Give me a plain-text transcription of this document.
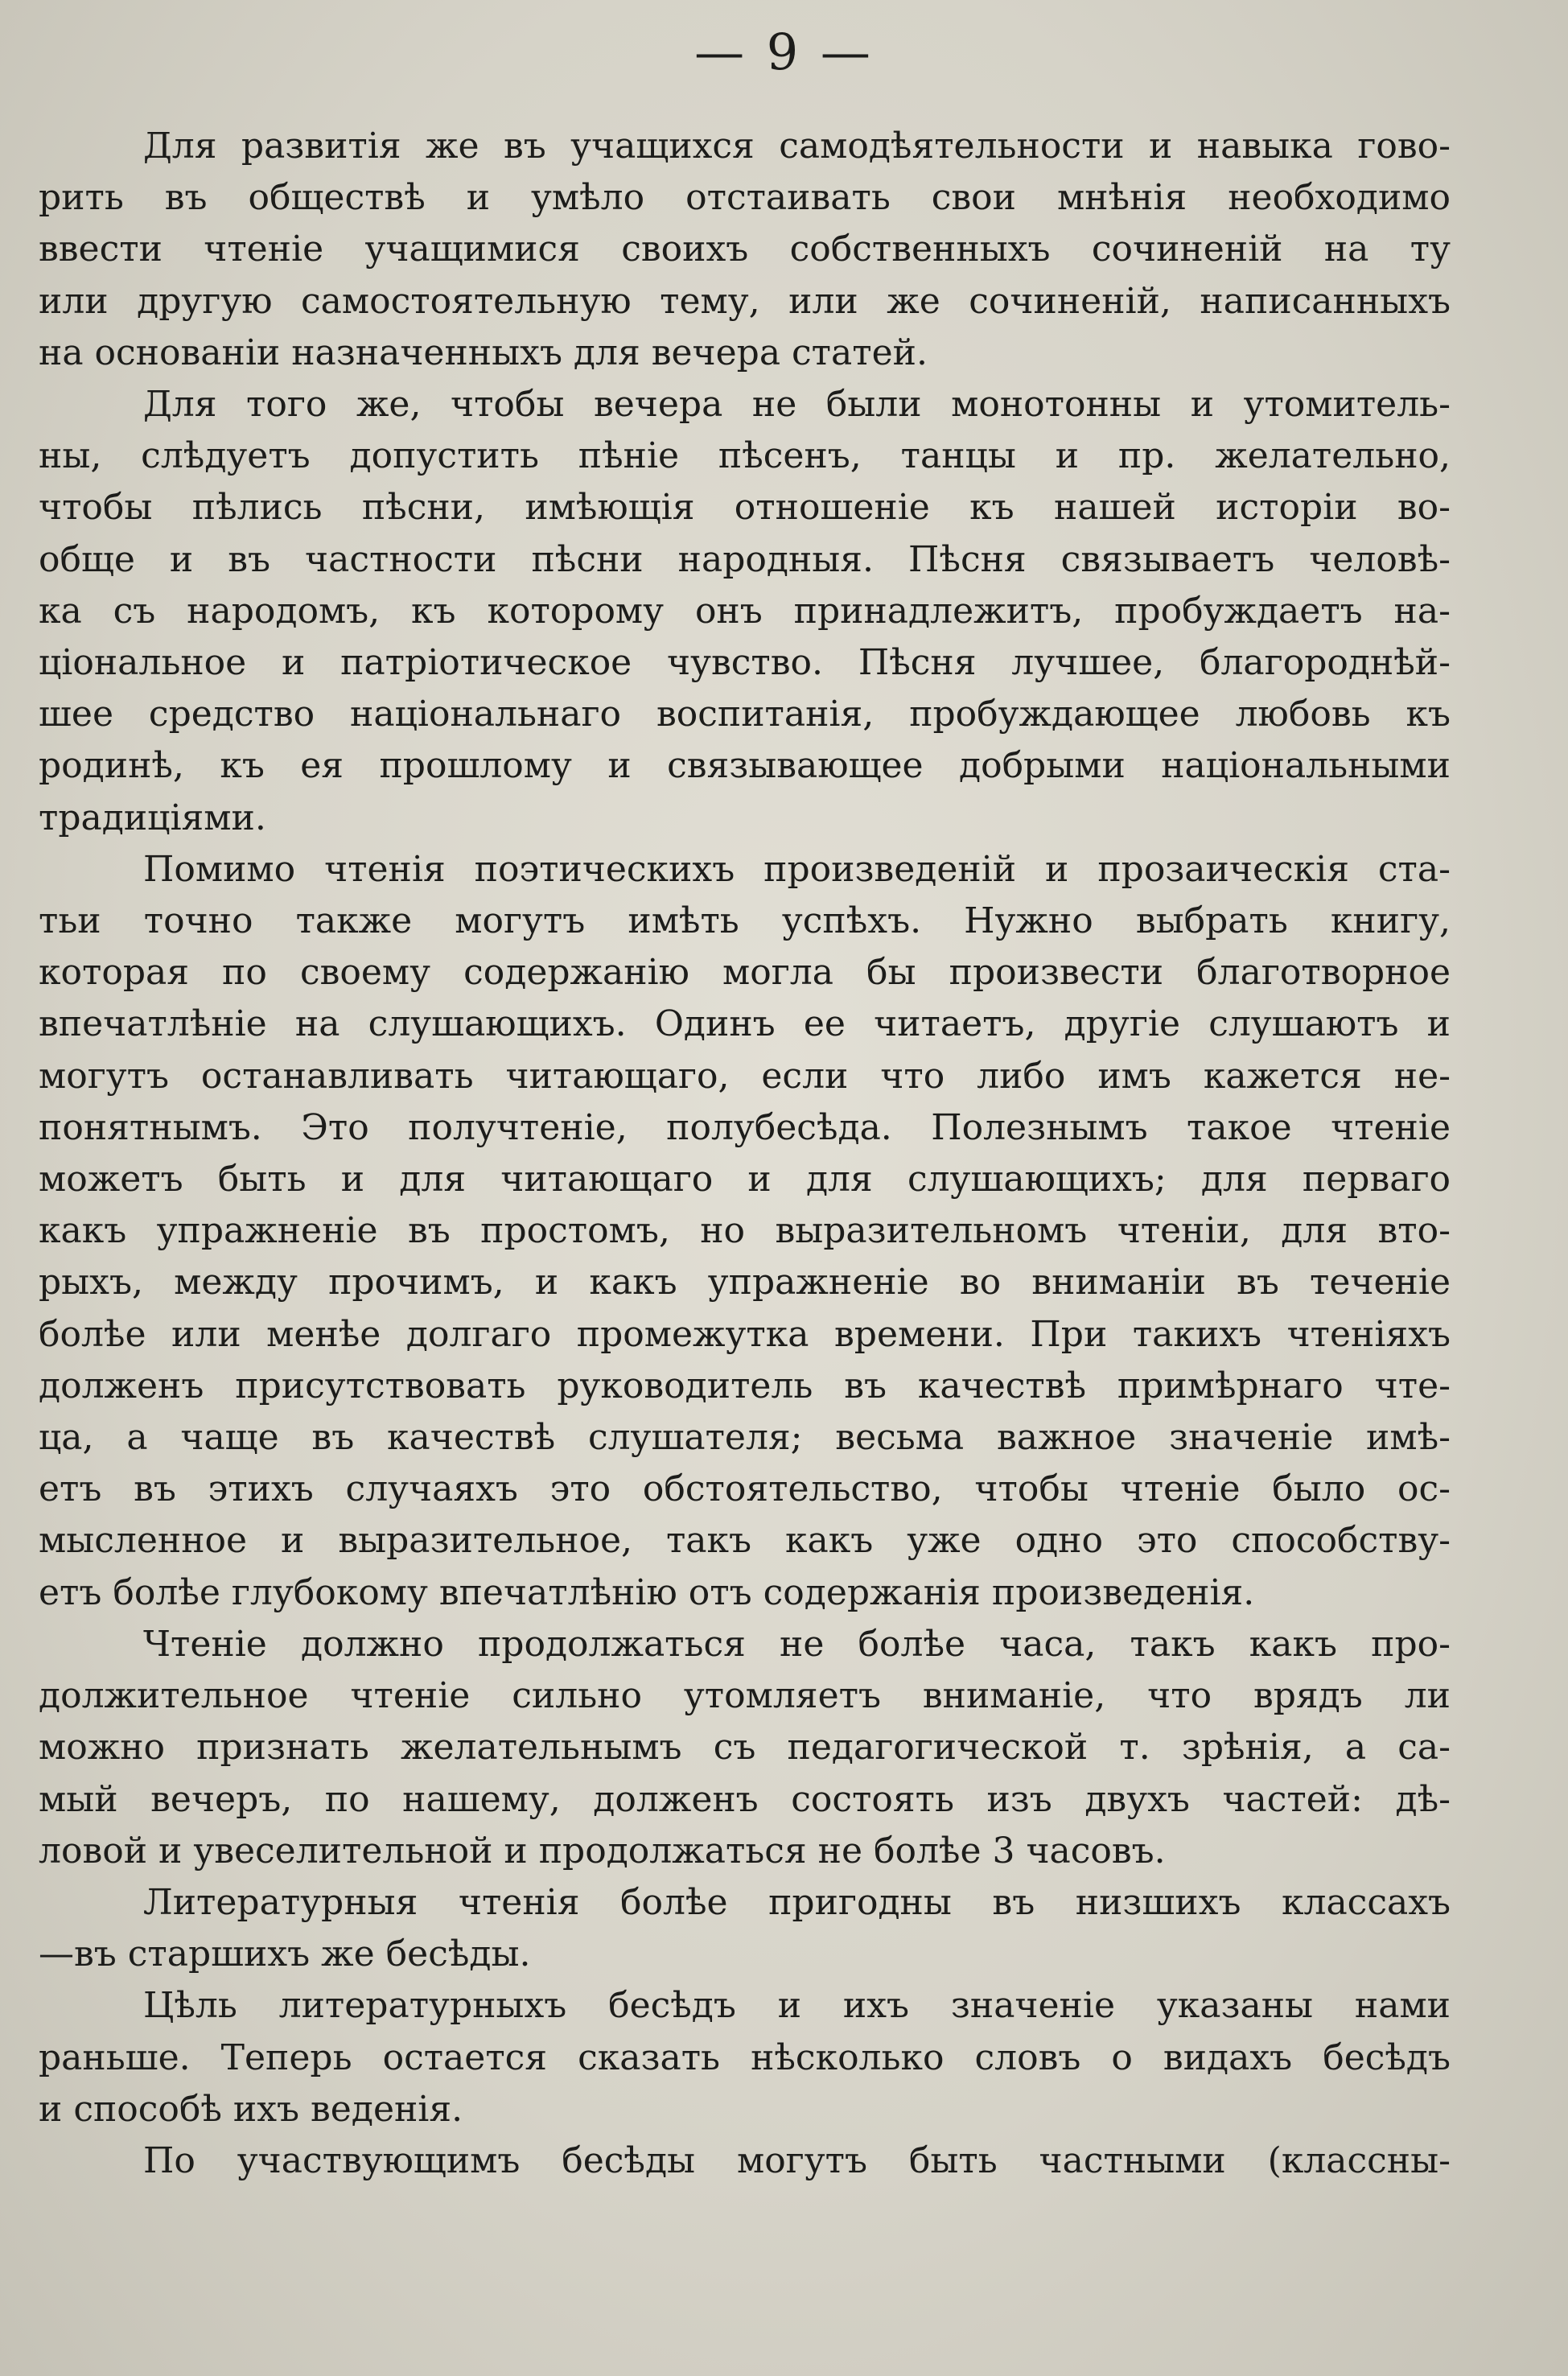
— 9 —

Для развитія же въ учащихся самодѣятельности и навыка гово-
рить въ обществѣ и умѣло отстаивать свои мнѣнія необходимо
ввести чтеніе учащимися своихъ собственныхъ сочиненій на ту
или другую самостоятельную тему, или же сочиненій, написанныхъ
на основаніи назначенныхъ для вечера статей.

Для того же, чтобы вечера не были монотонны и утомитель-
ны, слѣдуетъ допустить пѣніе пѣсенъ, танцы и пр. желательно,
чтобы пѣлись пѣсни, имѣющія отношеніе къ нашей исторіи во-
обще и въ частности пѣсни народныя. Пѣсня связываетъ человѣ-
ка съ народомъ, къ которому онъ принадлежитъ, пробуждаетъ на-
ціональное и патріотическое чувство. Пѣсня лучшее, благороднѣй-
шее средство національнаго воспитанія, пробуждающее любовь къ
родинѣ, къ ея прошлому и связывающее добрыми національными
традиціями.

Помимо чтенія поэтическихъ произведеній и прозаическія ста-
тьи точно также могутъ имѣть успѣхъ. Нужно выбрать книгу,
которая по своему содержанію могла бы произвести благотворное
впечатлѣніе на слушающихъ. Одинъ ее читаетъ, другіе слушаютъ и
могутъ останавливать читающаго, если что либо имъ кажется не-
понятнымъ. Это получтеніе, полубесѣда. Полезнымъ такое чтеніе
можетъ быть и для читающаго и для слушающихъ; для перваго
какъ упражненіе въ простомъ, но выразительномъ чтеніи, для вто-
рыхъ, между прочимъ, и какъ упражненіе во вниманіи въ теченіе
болѣе или менѣе долгаго промежутка времени. При такихъ чтеніяхъ
долженъ присутствовать руководитель въ качествѣ примѣрнаго чте-
ца, а чаще въ качествѣ слушателя; весьма важное значеніе имѣ-
етъ въ этихъ случаяхъ это обстоятельство, чтобы чтеніе было ос-
мысленное и выразительное, такъ какъ уже одно это способству-
етъ болѣе глубокому впечатлѣнію отъ содержанія произведенія.

Чтеніе должно продолжаться не болѣе часа, такъ какъ про-
должительное чтеніе сильно утомляетъ вниманіе, что врядъ ли
можно признать желательнымъ съ педагогической т. зрѣнія, а са-
мый вечеръ, по нашему, долженъ состоять изъ двухъ частей: дѣ-
ловой и увеселительной и продолжаться не болѣе 3 часовъ.

Литературныя чтенія болѣе пригодны въ низшихъ классахъ
—въ старшихъ же бесѣды.

Цѣль литературныхъ бесѣдъ и ихъ значеніе указаны нами
раньше. Теперь остается сказать нѣсколько словъ о видахъ бесѣдъ
и способѣ ихъ веденія.

По участвующимъ бесѣды могутъ быть частными (классны-
